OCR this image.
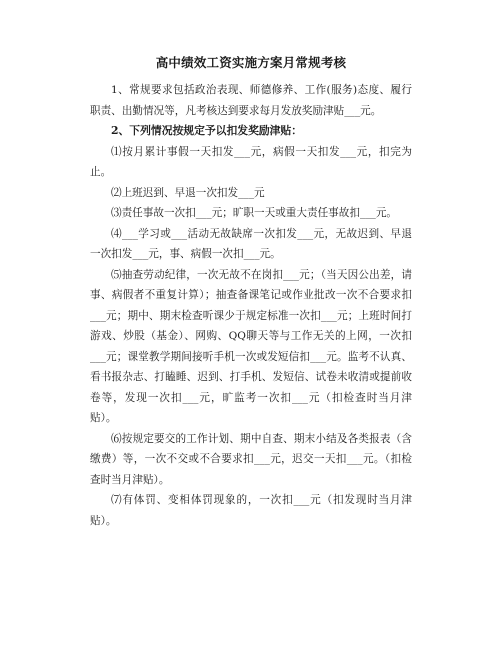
高中绩效工资实施方案月常规考核

1、常规要求包括政治表现、师德修养、工作(服务)态度、履行职责、出勤情况等，凡考核达到要求每月发放奖励津贴___元。

2、下列情况按规定予以扣发奖励津贴：

⑴按月累计事假一天扣发___元，病假一天扣发___元，扣完为止。

⑵上班迟到、早退一次扣发___元

⑶责任事故一次扣___元；旷职一天或重大责任事故扣___元。

⑷___学习或___活动无故缺席一次扣发___元，无故迟到、早退一次扣发___元，事、病假一次扣___元。

⑸抽查劳动纪律，一次无故不在岗扣___元；（当天因公出差，请事、病假者不重复计算）；抽查备课笔记或作业批改一次不合要求扣___元；期中、期末检查听课少于规定标准一次扣___元；上班时间打游戏、炒股（基金）、网购、QQ聊天等与工作无关的上网，一次扣___元；课堂教学期间接听手机一次或发短信扣___元。监考不认真、看书报杂志、打瞌睡、迟到、打手机、发短信、试卷未收清或提前收卷等，发现一次扣___元，旷监考一次扣___元（扣检查时当月津贴）。

⑹按规定要交的工作计划、期中自查、期末小结及各类报表（含缴费）等，一次不交或不合要求扣___元，迟交一天扣___元。（扣检查时当月津贴）。

⑺有体罚、变相体罚现象的，一次扣___元（扣发现时当月津贴）。
